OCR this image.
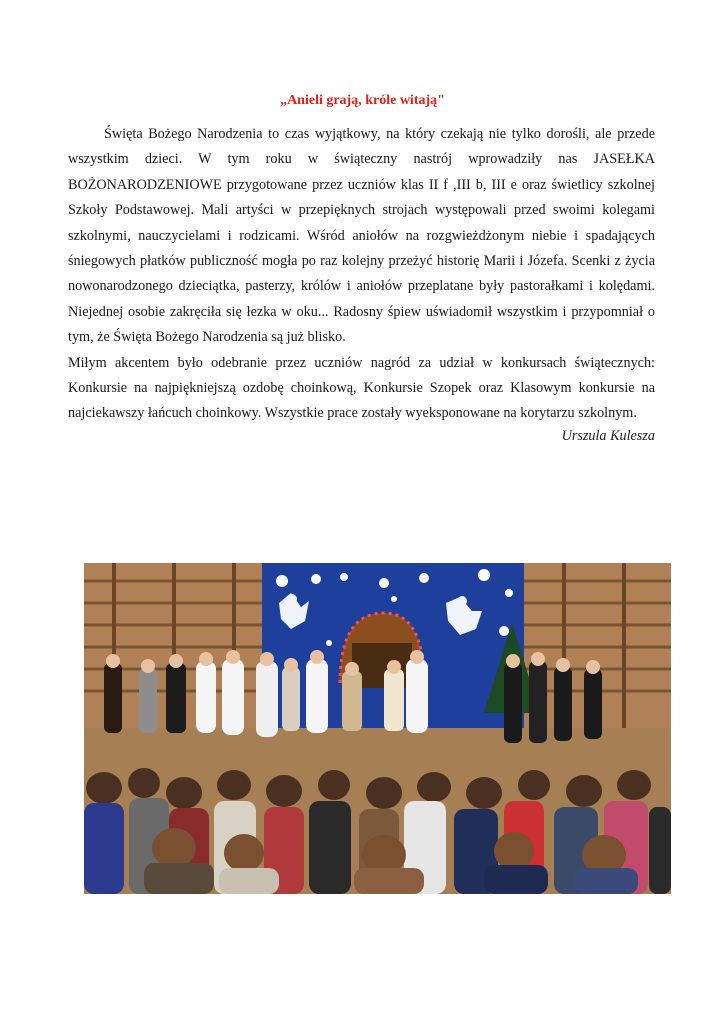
„Anieli grają, króle witają"

Święta Bożego Narodzenia to czas wyjątkowy, na który czekają nie tylko dorośli, ale przede wszystkim dzieci. W tym roku w świąteczny nastrój wprowadziły nas JASEŁKA BOŻONARODZENIOWE przygotowane przez uczniów klas II f ,III b, III e oraz świetlicy szkolnej Szkoły Podstawowej. Mali artyści w przepięknych strojach występowali przed swoimi kolegami szkolnymi, nauczycielami i rodzicami. Wśród aniołów na rozgwieżdżonym niebie i spadających śniegowych płatków publiczność mogła po raz kolejny przeżyć historię Marii i Józefa. Scenki z życia nowonarodzonego dzieciątka, pasterzy, królów i aniołów przeplatane były pastorałkami i kolędami. Niejednej osobie zakręciła się łezka w oku... Radosny śpiew uświadomił wszystkim i przypomniał o tym, że Święta Bożego Narodzenia są już blisko.

Miłym akcentem było odebranie przez uczniów nagród za udział w konkursach świątecznych: Konkursie na najpiękniejszą ozdobę choinkową, Konkursie Szopek oraz Klasowym konkursie na najciekawszy łańcuch choinkowy. Wszystkie prace zostały wyeksponowane na korytarzu szkolnym.

Urszula Kulesza
